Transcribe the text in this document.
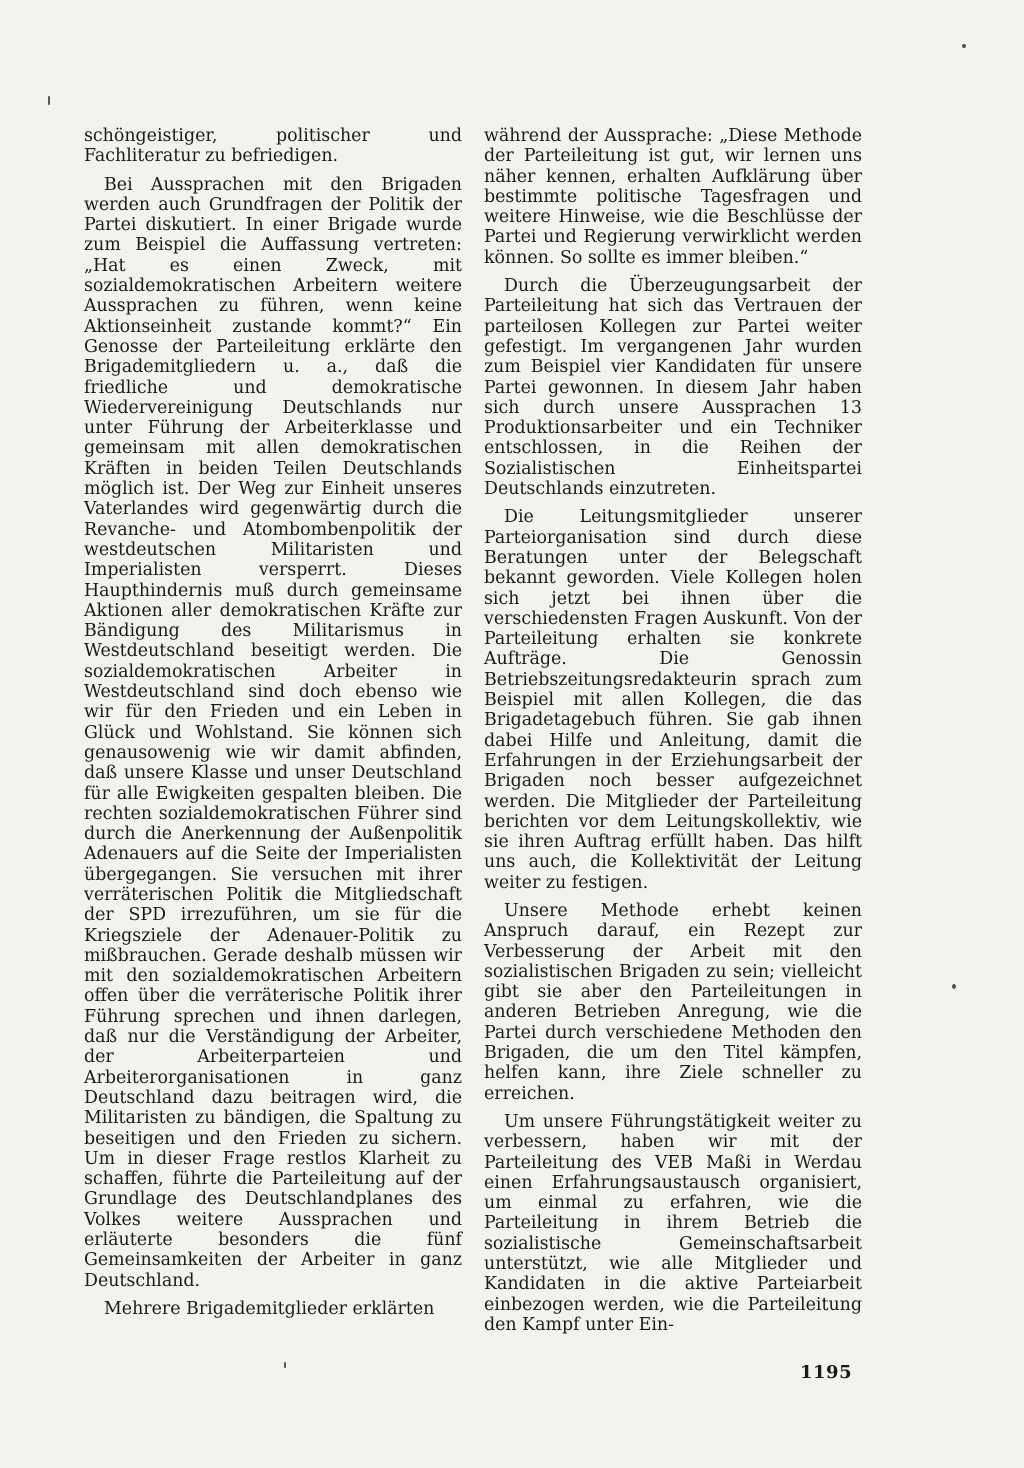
schöngeistiger, politischer und Fachliteratur zu befriedigen.

Bei Aussprachen mit den Brigaden werden auch Grundfragen der Politik der Partei diskutiert. In einer Brigade wurde zum Beispiel die Auffassung vertreten: „Hat es einen Zweck, mit sozialdemokratischen Arbeitern weitere Aussprachen zu führen, wenn keine Aktionseinheit zustande kommt?“ Ein Genosse der Parteileitung erklärte den Brigademitgliedern u. a., daß die friedliche und demokratische Wiedervereinigung Deutschlands nur unter Führung der Arbeiterklasse und gemeinsam mit allen demokratischen Kräften in beiden Teilen Deutschlands möglich ist. Der Weg zur Einheit unseres Vaterlandes wird gegenwärtig durch die Revanche- und Atombombenpolitik der westdeutschen Militaristen und Imperialisten versperrt. Dieses Haupthindernis muß durch gemeinsame Aktionen aller demokratischen Kräfte zur Bändigung des Militarismus in Westdeutschland beseitigt werden. Die sozialdemokratischen Arbeiter in Westdeutschland sind doch ebenso wie wir für den Frieden und ein Leben in Glück und Wohlstand. Sie können sich genausowenig wie wir damit abfinden, daß unsere Klasse und unser Deutschland für alle Ewigkeiten gespalten bleiben. Die rechten sozialdemokratischen Führer sind durch die Anerkennung der Außenpolitik Adenauers auf die Seite der Imperialisten übergegangen. Sie versuchen mit ihrer verräterischen Politik die Mitgliedschaft der SPD irrezuführen, um sie für die Kriegsziele der Adenauer-Politik zu mißbrauchen. Gerade deshalb müssen wir mit den sozialdemokratischen Arbeitern offen über die verräterische Politik ihrer Führung sprechen und ihnen darlegen, daß nur die Verständigung der Arbeiter, der Arbeiterparteien und Arbeiterorganisationen in ganz Deutschland dazu beitragen wird, die Militaristen zu bändigen, die Spaltung zu beseitigen und den Frieden zu sichern. Um in dieser Frage restlos Klarheit zu schaffen, führte die Parteileitung auf der Grundlage des Deutschlandplanes des Volkes weitere Aussprachen und erläuterte besonders die fünf Gemeinsamkeiten der Arbeiter in ganz Deutschland.

Mehrere Brigademitglieder erklärten

während der Aussprache: „Diese Methode der Parteileitung ist gut, wir lernen uns näher kennen, erhalten Aufklärung über bestimmte politische Tagesfragen und weitere Hinweise, wie die Beschlüsse der Partei und Regierung verwirklicht werden können. So sollte es immer bleiben.“

Durch die Überzeugungsarbeit der Parteileitung hat sich das Vertrauen der parteilosen Kollegen zur Partei weiter gefestigt. Im vergangenen Jahr wurden zum Beispiel vier Kandidaten für unsere Partei gewonnen. In diesem Jahr haben sich durch unsere Aussprachen 13 Produktionsarbeiter und ein Techniker entschlossen, in die Reihen der Sozialistischen Einheitspartei Deutschlands einzutreten.

Die Leitungsmitglieder unserer Parteiorganisation sind durch diese Beratungen unter der Belegschaft bekannt geworden. Viele Kollegen holen sich jetzt bei ihnen über die verschiedensten Fragen Auskunft. Von der Parteileitung erhalten sie konkrete Aufträge. Die Genossin Betriebszeitungsredakteurin sprach zum Beispiel mit allen Kollegen, die das Brigadetagebuch führen. Sie gab ihnen dabei Hilfe und Anleitung, damit die Erfahrungen in der Erziehungsarbeit der Brigaden noch besser aufgezeichnet werden. Die Mitglieder der Parteileitung berichten vor dem Leitungskollektiv, wie sie ihren Auftrag erfüllt haben. Das hilft uns auch, die Kollektivität der Leitung weiter zu festigen.

Unsere Methode erhebt keinen Anspruch darauf, ein Rezept zur Verbesserung der Arbeit mit den sozialistischen Brigaden zu sein; vielleicht gibt sie aber den Parteileitungen in anderen Betrieben Anregung, wie die Partei durch verschiedene Methoden den Brigaden, die um den Titel kämpfen, helfen kann, ihre Ziele schneller zu erreichen.

Um unsere Führungstätigkeit weiter zu verbessern, haben wir mit der Parteileitung des VEB Maßi in Werdau einen Erfahrungsaustausch organisiert, um einmal zu erfahren, wie die Parteileitung in ihrem Betrieb die sozialistische Gemeinschaftsarbeit unterstützt, wie alle Mitglieder und Kandidaten in die aktive Parteiarbeit einbezogen werden, wie die Parteileitung den Kampf unter Ein-

1195
